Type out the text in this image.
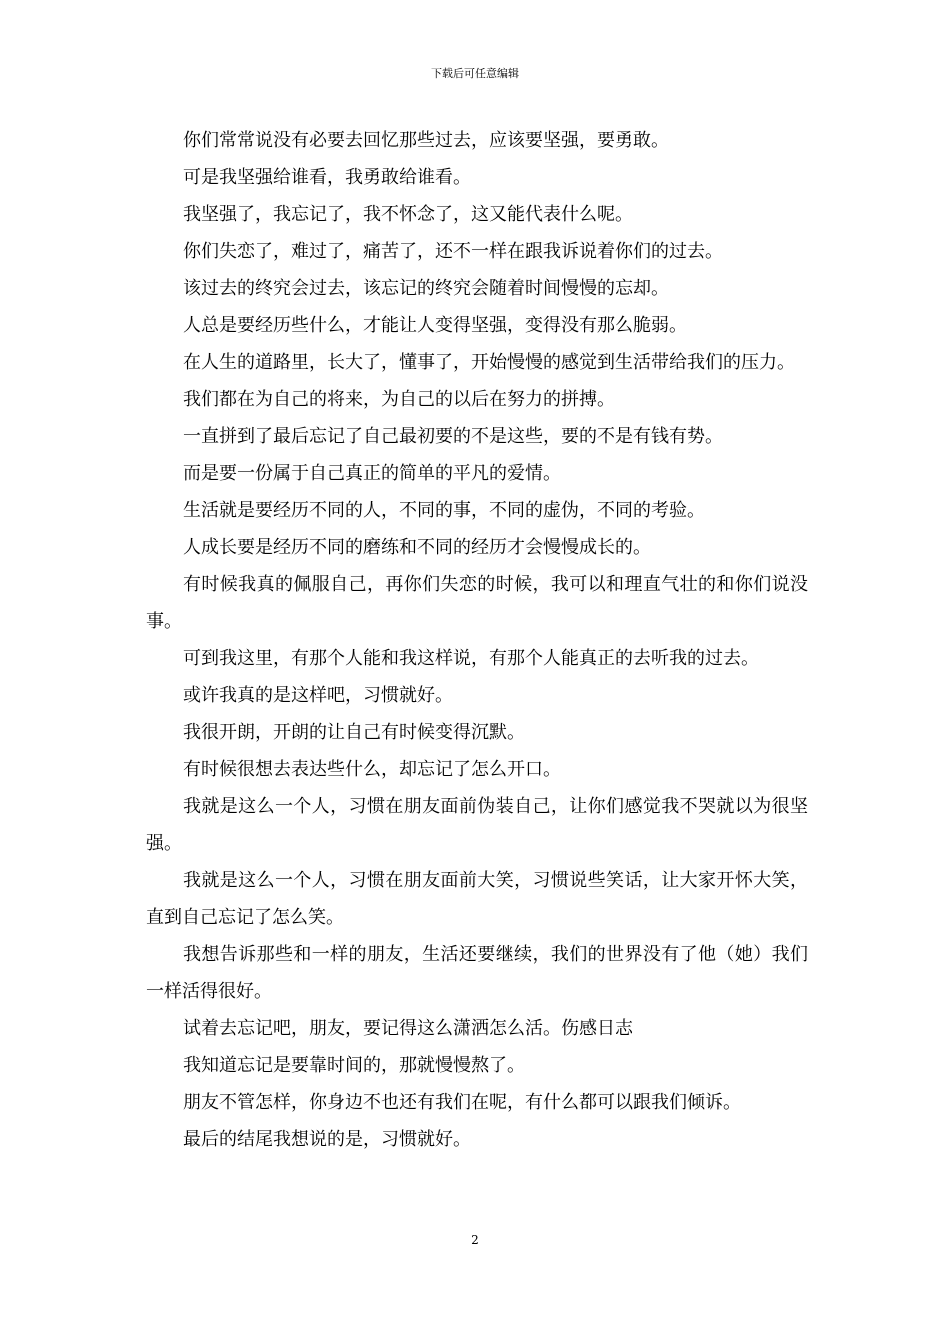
下载后可任意编辑

你们常常说没有必要去回忆那些过去，应该要坚强，要勇敢。

可是我坚强给谁看，我勇敢给谁看。

我坚强了，我忘记了，我不怀念了，这又能代表什么呢。

你们失恋了，难过了，痛苦了，还不一样在跟我诉说着你们的过去。

该过去的终究会过去，该忘记的终究会随着时间慢慢的忘却。

人总是要经历些什么，才能让人变得坚强，变得没有那么脆弱。

在人生的道路里，长大了，懂事了，开始慢慢的感觉到生活带给我们的压力。

我们都在为自己的将来，为自己的以后在努力的拼搏。

一直拼到了最后忘记了自己最初要的不是这些，要的不是有钱有势。

而是要一份属于自己真正的简单的平凡的爱情。

生活就是要经历不同的人，不同的事，不同的虚伪，不同的考验。

人成长要是经历不同的磨练和不同的经历才会慢慢成长的。

有时候我真的佩服自己，再你们失恋的时候，我可以和理直气壮的和你们说没事。

可到我这里，有那个人能和我这样说，有那个人能真正的去听我的过去。

或许我真的是这样吧，习惯就好。

我很开朗，开朗的让自己有时候变得沉默。

有时候很想去表达些什么，却忘记了怎么开口。

我就是这么一个人，习惯在朋友面前伪装自己，让你们感觉我不哭就以为很坚强。

我就是这么一个人，习惯在朋友面前大笑，习惯说些笑话，让大家开怀大笑，直到自己忘记了怎么笑。

我想告诉那些和一样的朋友，生活还要继续，我们的世界没有了他（她）我们一样活得很好。

试着去忘记吧，朋友，要记得这么潇洒怎么活。伤感日志

我知道忘记是要靠时间的，那就慢慢熬了。

朋友不管怎样，你身边不也还有我们在呢，有什么都可以跟我们倾诉。

最后的结尾我想说的是，习惯就好。

2
